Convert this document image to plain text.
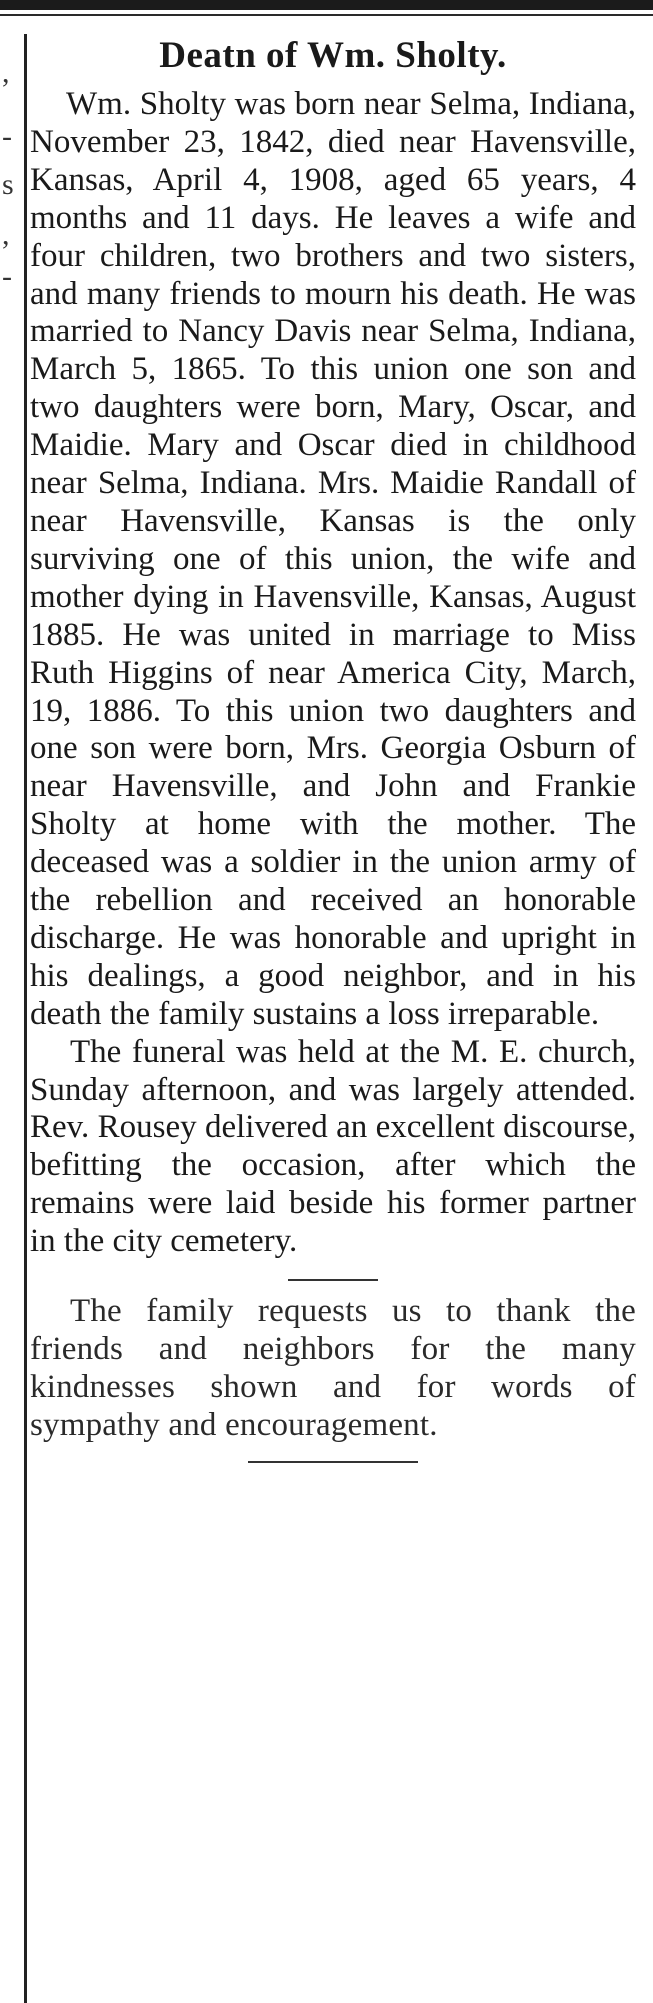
,
-
s
,
-
Deatn of Wm. Sholty.

Wm. Sholty was born near Selma, Indiana, November 23, 1842, died near Havensville, Kansas, April 4, 1908, aged 65 years, 4 months and 11 days. He leaves a wife and four children, two brothers and two sisters, and many friends to mourn his death. He was married to Nancy Davis near Selma, Indiana, March 5, 1865. To this union one son and two daughters were born, Mary, Oscar, and Maidie. Mary and Oscar died in childhood near Selma, Indiana. Mrs. Maidie Randall of near Havensville, Kansas is the only surviving one of this union, the wife and mother dying in Havensville, Kansas, August 1885. He was united in marriage to Miss Ruth Higgins of near America City, March, 19, 1886. To this union two daughters and one son were born, Mrs. Georgia Osburn of near Havensville, and John and Frankie Sholty at home with the mother. The deceased was a soldier in the union army of the rebellion and received an honorable discharge. He was honorable and upright in his dealings, a good neighbor, and in his death the family sustains a loss irreparable.

The funeral was held at the M. E. church, Sunday afternoon, and was largely attended. Rev. Rousey delivered an excellent discourse, befitting the occasion, after which the remains were laid beside his former partner in the city cemetery.

The family requests us to thank the friends and neighbors for the many kindnesses shown and for words of sympathy and encouragement.
